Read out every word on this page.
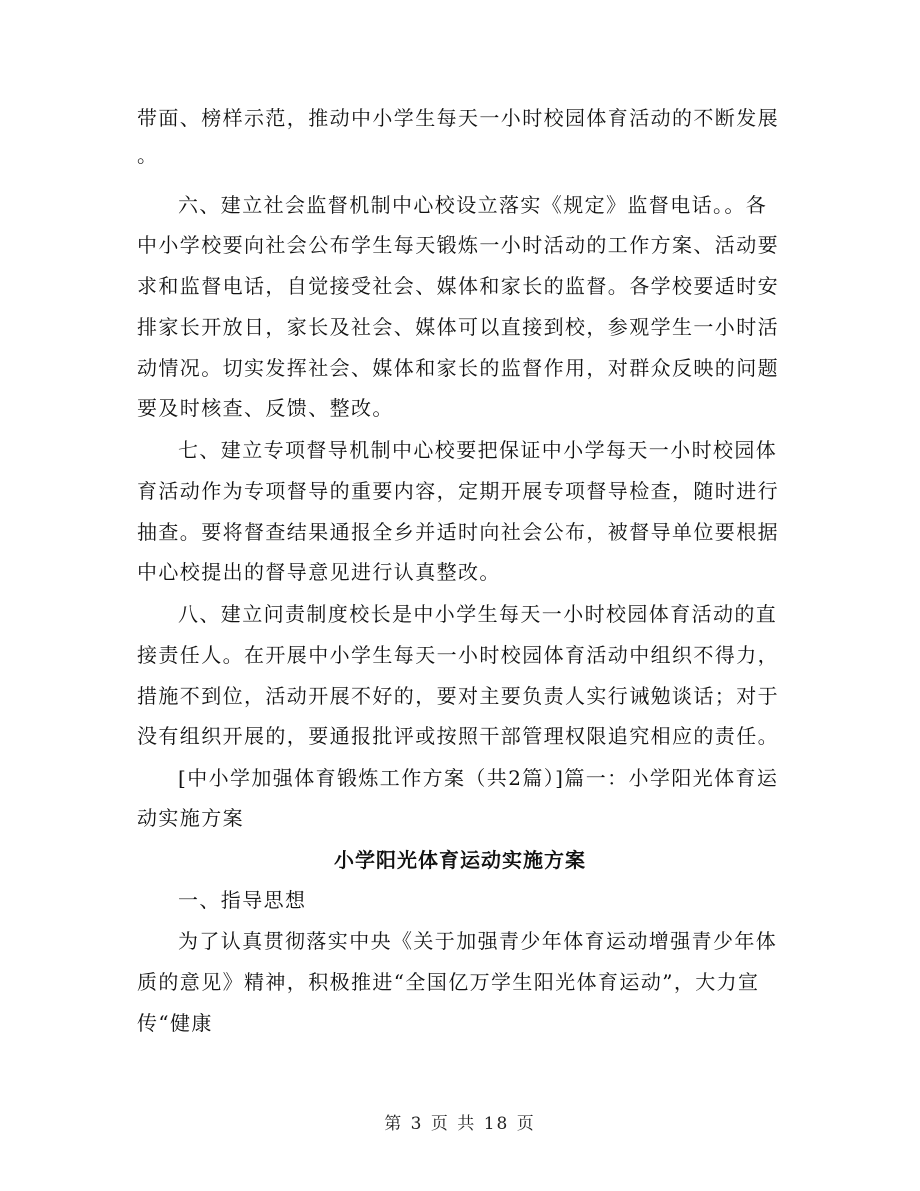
带面、榜样示范，推动中小学生每天一小时校园体育活动的不断发展
。
六、建立社会监督机制中心校设立落实《规定》监督电话。。各
中小学校要向社会公布学生每天锻炼一小时活动的工作方案、活动要
求和监督电话，自觉接受社会、媒体和家长的监督。各学校要适时安
排家长开放日，家长及社会、媒体可以直接到校，参观学生一小时活
动情况。切实发挥社会、媒体和家长的监督作用，对群众反映的问题
要及时核查、反馈、整改。
七、建立专项督导机制中心校要把保证中小学每天一小时校园体
育活动作为专项督导的重要内容，定期开展专项督导检查，随时进行
抽查。要将督查结果通报全乡并适时向社会公布，被督导单位要根据
中心校提出的督导意见进行认真整改。
八、建立问责制度校长是中小学生每天一小时校园体育活动的直
接责任人。在开展中小学生每天一小时校园体育活动中组织不得力，
措施不到位，活动开展不好的，要对主要负责人实行诫勉谈话；对于
没有组织开展的，要通报批评或按照干部管理权限追究相应的责任。
[中小学加强体育锻炼工作方案（共2篇）]篇一：小学阳光体育运
动实施方案
小学阳光体育运动实施方案
一、指导思想
为了认真贯彻落实中央《关于加强青少年体育运动增强青少年体
质的意见》精神，积极推进“全国亿万学生阳光体育运动”，大力宣
传“健康
第 3 页 共 18 页
